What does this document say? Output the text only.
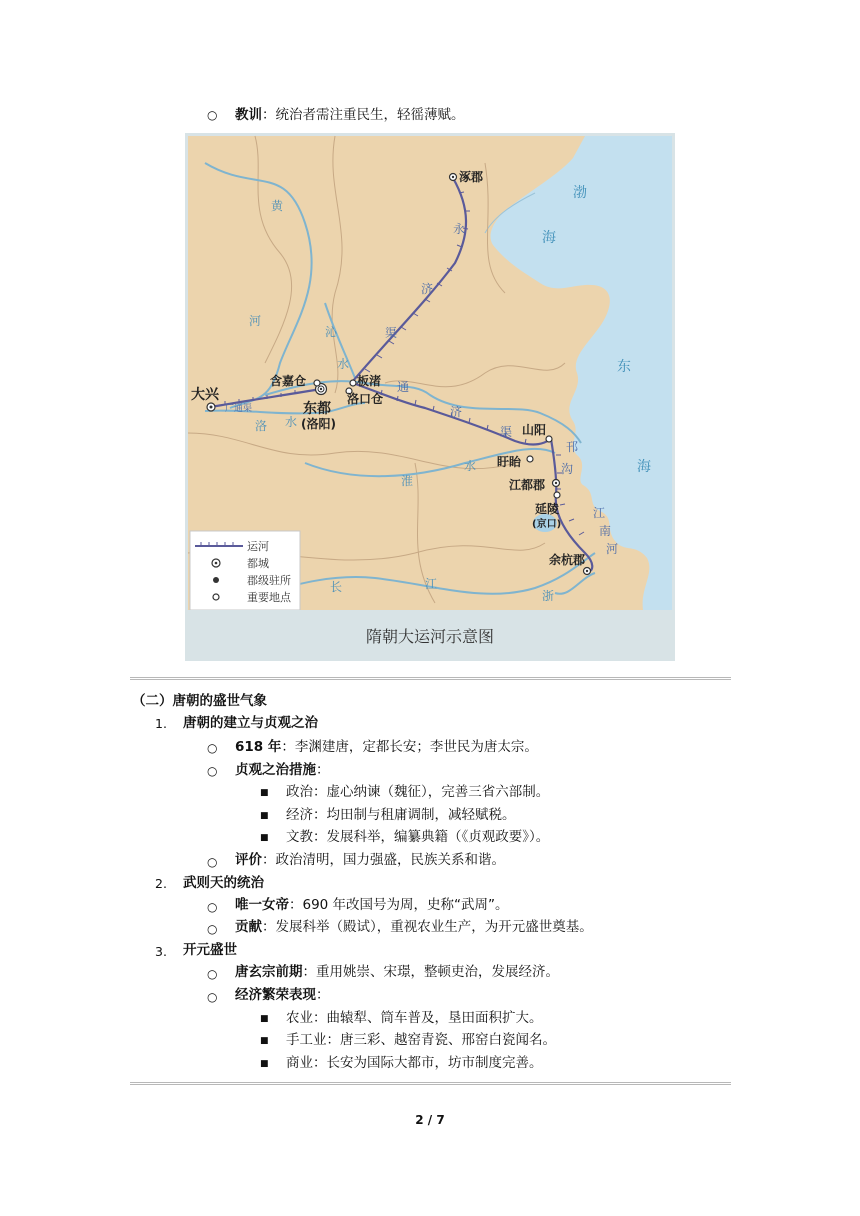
○ 教训：统治者需注重民生，轻徭薄赋。
渤
海
东
海
黄
河
沁
水
洛 水
淮
水
长	江
浙
永
济
渠
通
济
渠
邗
沟
江
南
河
广通渠
涿郡
大兴
含嘉仓	板渚
东都
(洛阳)
洛口仓
山阳
盱眙
江都郡
延陵
(京口)
余杭郡
运河
都城
郡级驻所
重要地点
隋朝大运河示意图
（二）唐朝的盛世气象
1. 唐朝的建立与贞观之治
○ 618 年：李渊建唐，定都长安；李世民为唐太宗。
○ 贞观之治措施：
■ 政治：虚心纳谏（魏征），完善三省六部制。
■ 经济：均田制与租庸调制，减轻赋税。
■ 文教：发展科举，编纂典籍（《贞观政要》）。
○ 评价：政治清明，国力强盛，民族关系和谐。
2. 武则天的统治
○ 唯一女帝：690 年改国号为周，史称“武周”。
○ 贡献：发展科举（殿试），重视农业生产，为开元盛世奠基。
3. 开元盛世
○ 唐玄宗前期：重用姚崇、宋璟，整顿吏治，发展经济。
○ 经济繁荣表现：
■ 农业：曲辕犁、筒车普及，垦田面积扩大。
■ 手工业：唐三彩、越窑青瓷、邢窑白瓷闻名。
■ 商业：长安为国际大都市，坊市制度完善。
2 / 7
